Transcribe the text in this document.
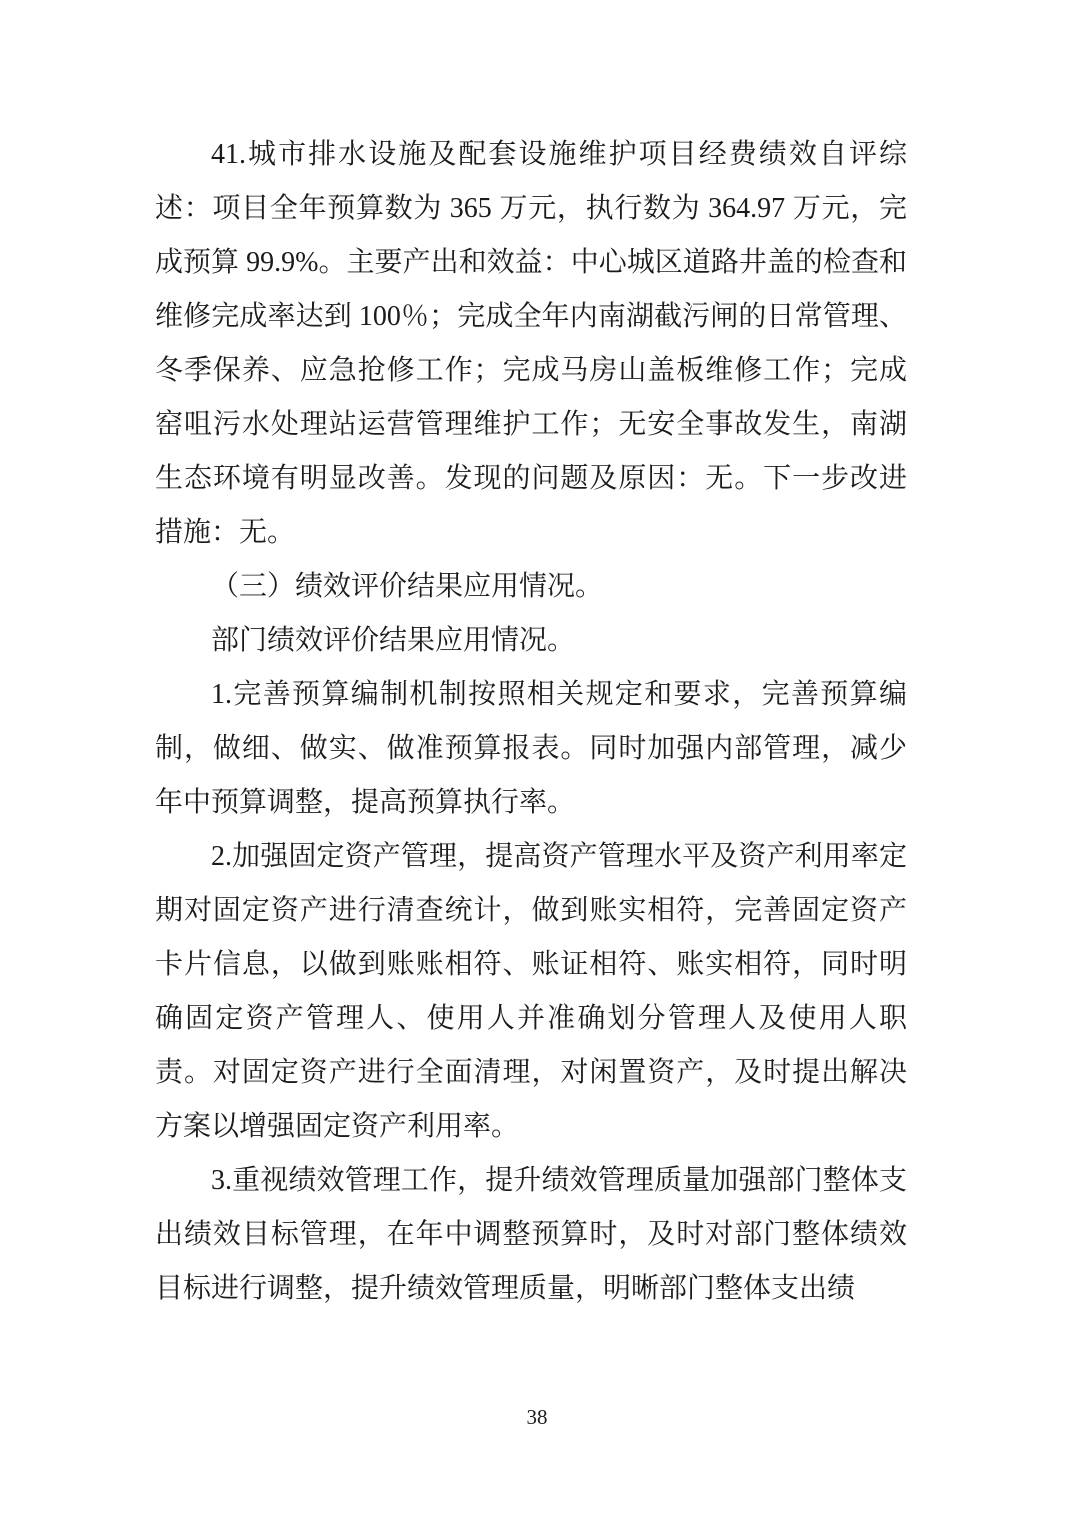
41.城市排水设施及配套设施维护项目经费绩效自评综述：项目全年预算数为 365 万元，执行数为 364.97 万元，完成预算 99.9%。主要产出和效益：中心城区道路井盖的检查和维修完成率达到 100％；完成全年内南湖截污闸的日常管理、冬季保养、应急抢修工作；完成马房山盖板维修工作；完成窑咀污水处理站运营管理维护工作；无安全事故发生，南湖生态环境有明显改善。发现的问题及原因：无。下一步改进措施：无。

（三）绩效评价结果应用情况。

部门绩效评价结果应用情况。

1.完善预算编制机制按照相关规定和要求，完善预算编制，做细、做实、做准预算报表。同时加强内部管理，减少年中预算调整，提高预算执行率。

2.加强固定资产管理，提高资产管理水平及资产利用率定期对固定资产进行清查统计，做到账实相符，完善固定资产卡片信息，以做到账账相符、账证相符、账实相符，同时明确固定资产管理人、使用人并准确划分管理人及使用人职责。对固定资产进行全面清理，对闲置资产，及时提出解决方案以增强固定资产利用率。

3.重视绩效管理工作，提升绩效管理质量加强部门整体支出绩效目标管理，在年中调整预算时，及时对部门整体绩效目标进行调整，提升绩效管理质量，明晰部门整体支出绩

38
